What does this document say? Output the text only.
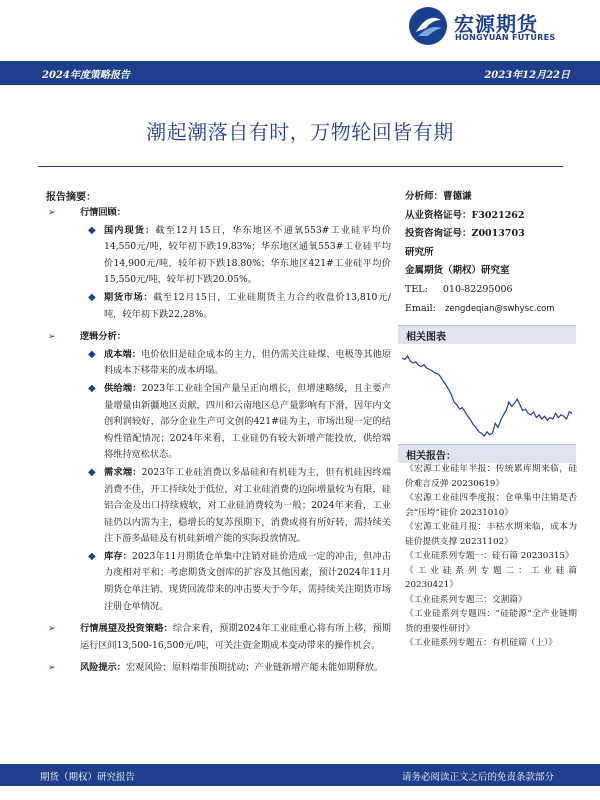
宏源期货
HONGYUAN FUTURES
2024年度策略报告	2023年12月22日
潮起潮落自有时，万物轮回皆有期
报告摘要：
➢	行情回顾：
◆ 国内现货：截至12月15日，华东地区不通氧553#工业硅平均价14,550元/吨，较年初下跌19.83%；华东地区通氧553#工业硅平均价14,900元/吨，较年初下跌18.80%；华东地区421#工业硅平均价15,550元/吨，较年初下跌20.05%。
◆ 期货市场：截至12月15日，工业硅期货主力合约收盘价13,810元/吨，较年初下跌22.28%。
➢	逻辑分析：
◆ 成本端：电价依旧是硅企成本的主力，但仍需关注硅煤、电极等其他原料成本下移带来的成本坍塌。
◆ 供给端：2023年工业硅全国产量呈正向增长，但增速略缓，且主要产量增量由新疆地区贡献，四川和云南地区总产量影响有下滑，因年内文创利润较好，部分企业生产可文创的421#硅为主，市场出现一定的结构性错配情况；2024年来看，工业硅仍有较大新增产能投放，供给端将维持宽松状态。
◆ 需求端：2023年工业硅消费以多晶硅和有机硅为主，但有机硅因终端消费不佳，开工持续处于低位，对工业硅消费的边际增量较为有限，硅铝合金及出口持续疲软，对工业硅消费较为一般；2024年来看，工业硅仍以内需为主，稳增长的复苏预期下，消费或将有所好转，需持续关注下游多晶硅及有机硅新增产能的实际投放情况。
◆ 库存：2023年11月期货仓单集中注销对硅价造成一定的冲击，但冲击力度相对平和；考虑期货文创库的扩容及其他因素，预计2024年11月期货仓单注销、现货回流带来的冲击要大于今年，需持续关注期货市场注册仓单情况。
➢	行情展望及投资策略：综合来看，预期2024年工业硅重心将有所上移，预期运行区间13,500-16,500元/吨，可关注资金期成本变动带来的操作机会。
➢	风险提示：宏观风险；原料端非预期扰动；产业链新增产能未能如期释放。
分析师：曹德谦
从业资格证号：F3021262
投资咨询证号：Z0013703
研究所
金属期货（期权）研究室
TEL: 010-82295006
Email: zengdeqian@swhysc.com
相关图表
相关报告：
《宏源工业硅年半报：传统累库期来临，硅价难言反弹 20230619》
《宏源工业硅四季度报：仓单集中注销是否会“压垮”硅价 20231010》
《宏源工业硅月报：丰枯水期来临，成本为硅价提供支撑 20231102》
《工业硅系列专题一：硅石篇 20230315》
《工业硅系列专题二：工业硅篇 20230421》
《工业硅系列专题三：交割篇》
《工业硅系列专题四：“硅能源”全产业链期货的重要性研讨》
《工业硅系列专题五：有机硅篇（上）》
期货（期权）研究报告	请务必阅读正文之后的免责条款部分
